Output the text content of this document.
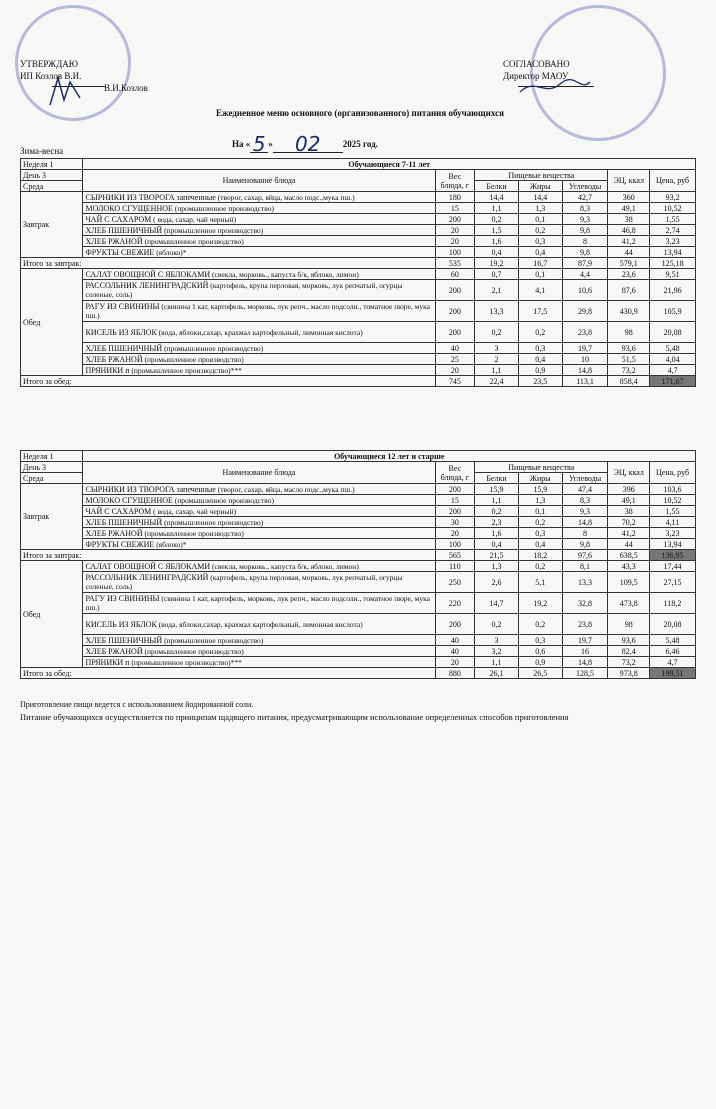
УТВЕРЖДАЮ
ИП Козлов В.И.
В.И.Козлов
СОГЛАСОВАНО
Директор МАОУ
Ежедневное меню основного (организованного) питания обучающихся
На « 5 » 02 2025 год.
Зима-весна
Неделя 1	Обучающиеся 7-11 лет						
День 3	Наименование блюда	Вес блюда, г	Пищевые вещества			ЭЦ, ккал	Цена, руб
Среда			Белки	Жиры	Углеводы		

Завтрак	СЫРНИКИ ИЗ ТВОРОГА запеченные (творог, сахар, яйца, масло подс.,мука пш.)	180	14,4	14,4	42,7	360	93,2
	МОЛОКО СГУЩЕННОЕ (промышленное производство)	15	1,1	1,3	8,3	49,1	10,52
	ЧАЙ С САХАРОМ ( вода, сахар, чай черный)	200	0,2	0,1	9,3	38	1,55
	ХЛЕБ ПШЕНИЧНЫЙ (промышленное производство)	20	1,5	0,2	9,8	46,8	2,74
	ХЛЕБ РЖАНОЙ (промышленное производство)	20	1,6	0,3	8	41,2	3,23
	ФРУКТЫ СВЕЖИЕ (яблоко)*	100	0,4	0,4	9,8	44	13,94
Итого за завтрак:		535	19,2	16,7	87,9	579,1	125,18
Обед	САЛАТ ОВОЩНОЙ С ЯБЛОКАМИ (свекла, морковь., капуста б/к, яблоко, лимон)	60	0,7	0,1	4,4	23,6	9,51
	РАССОЛЬНИК ЛЕНИНГРАДСКИЙ (картофель, крупа перловая, морковь, лук репчатый, огурцы соленые, соль)	200	2,1	4,1	10,6	87,6	21,96
	РАГУ ИЗ СВИНИНЫ (свинина 1 кат, картофель, морковь, лук репч., масло подсолн., томатное пюре, мука пш.)	200	13,3	17,5	29,8	430,9	105,9
	КИСЕЛЬ ИЗ ЯБЛОК (вода, яблоки,сахар, крахмал картофельный, лимонная кислота)	200	0,2	0,2	23,8	98	20,08
	ХЛЕБ ПШЕНИЧНЫЙ (промышленное производство)	40	3	0,3	19,7	93,6	5,48
	ХЛЕБ РЖАНОЙ (промышленное производство)	25	2	0,4	10	51,5	4,04
	ПРЯНИКИ п (промышленное производство)***	20	1,1	0,9	14,8	73,2	4,7
Итого за обед:		745	22,4	23,5	113,1	858,4	171,67
Неделя 1	Обучающиеся 12 лет и старше						
День 3	Наименование блюда	Вес блюда, г	Пищевые вещества			ЭЦ, ккал	Цена, руб
Среда			Белки	Жиры	Углеводы		

Завтрак	СЫРНИКИ ИЗ ТВОРОГА запеченные (творог, сахар, яйца, масло подс.,мука пш.)	200	15,9	15,9	47,4	396	103,6
	МОЛОКО СГУЩЕННОЕ (промышленное производство)	15	1,1	1,3	8,3	49,1	10,52
	ЧАЙ С САХАРОМ ( вода, сахар, чай черный)	200	0,2	0,1	9,3	38	1,55
	ХЛЕБ ПШЕНИЧНЫЙ (промышленное производство)	30	2,3	0,2	14,8	70,2	4,11
	ХЛЕБ РЖАНОЙ (промышленное производство)	20	1,6	0,3	8	41,2	3,23
	ФРУКТЫ СВЕЖИЕ (яблоко)*	100	0,4	0,4	9,8	44	13,94
Итого за завтрак:		565	21,5	18,2	97,6	638,5	136,95
Обед	САЛАТ ОВОЩНОЙ С ЯБЛОКАМИ (свекла, морковь., капуста б/к, яблоко, лимон)	110	1,3	0,2	8,1	43,3	17,44
	РАССОЛЬНИК ЛЕНИНГРАДСКИЙ (картофель, крупа перловая, морковь, лук репчатый, огурцы соленые, соль)	250	2,6	5,1	13,3	109,5	27,15
	РАГУ ИЗ СВИНИНЫ (свинина 1 кат, картофель, морковь, лук репч., масло подсолн., томатное пюре, мука пш.)	220	14,7	19,2	32,8	473,8	118,2
	КИСЕЛЬ ИЗ ЯБЛОК (вода, яблоки,сахар, крахмал картофельный, лимонная кислота)	200	0,2	0,2	23,8	98	20,08
	ХЛЕБ ПШЕНИЧНЫЙ (промышленное производство)	40	3	0,3	19,7	93,6	5,48
	ХЛЕБ РЖАНОЙ (промышленное производство)	40	3,2	0,6	16	82,4	6,46
	ПРЯНИКИ п (промышленное производство)***	20	1,1	0,9	14,8	73,2	4,7
Итого за обед:		880	26,1	26,5	128,5	973,8	199,51
Приготовление пищи ведется с использованием йодированной соли.
Питание обучающихся осуществляется по принципам щадящего питания, предусматривающим использование определенных способов приготовления
